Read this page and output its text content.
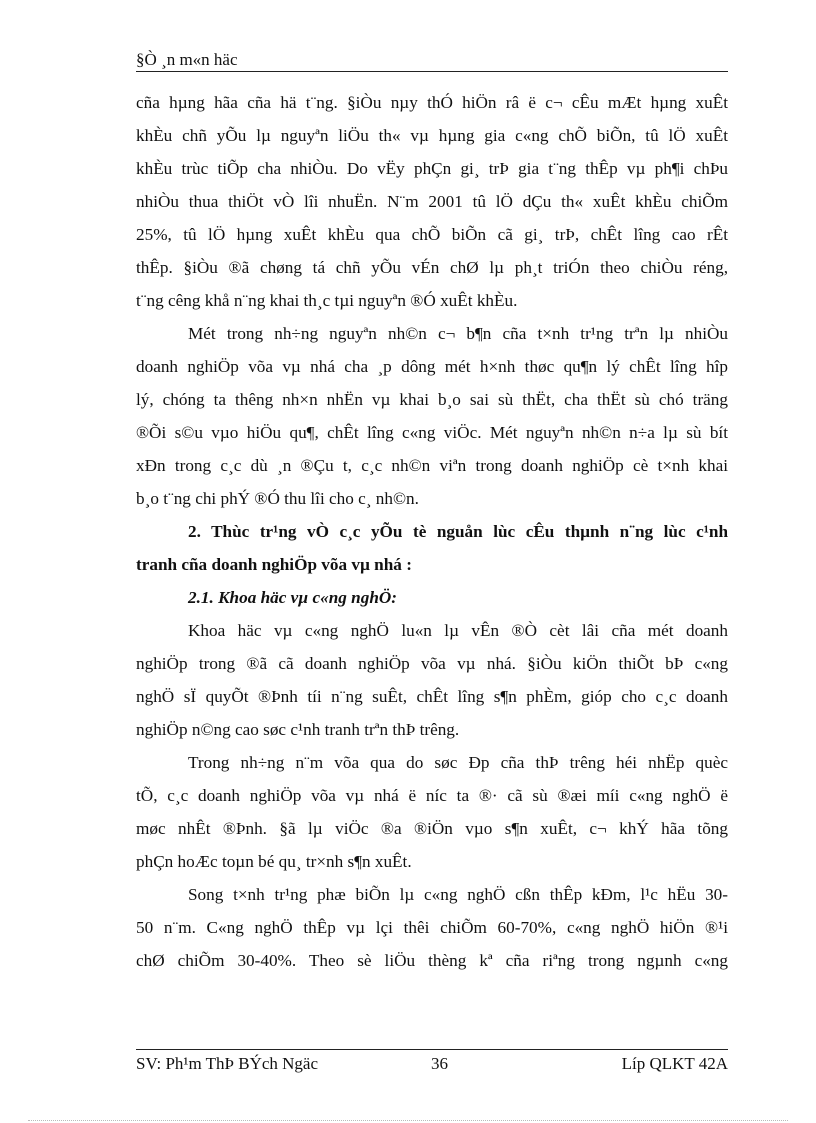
§Ò ¸n m«n häc
cña hµng hãa cña hä t¨ng. §iÒu nµy thÓ hiÖn râ ë c¬ cÊu mÆt hµng xuÊt
khÈu chñ yÕu lµ nguyªn liÖu th« vµ hµng gia c«ng chÕ biÕn, tû lÖ xuÊt
khÈu trùc tiÕp cha nhiÒu. Do vËy phÇn gi¸ trÞ gia t¨ng thÊp vµ ph¶i chÞu
nhiÒu thua thiÖt vÒ lîi nhuËn. N¨m 2001 tû lÖ dÇu th« xuÊt khÈu chiÕm
25%, tû lÖ hµng xuÊt khÈu qua chÕ biÕn cã gi¸ trÞ, chÊt lîng cao rÊt
thÊp. §iÒu ®ã chøng tá chñ yÕu vÉn chØ lµ ph¸t triÓn theo chiÒu réng,
t¨ng cêng khå n¨ng khai th¸c tµi nguyªn ®Ó xuÊt khÈu.
Mét trong nh÷ng nguyªn nh©n c¬ b¶n cña t×nh tr¹ng trªn lµ nhiÒu
doanh nghiÖp võa vµ nhá cha ¸p dông mét h×nh thøc qu¶n lý chÊt lîng hîp
lý, chóng ta thêng nh×n nhËn vµ khai b¸o sai sù thËt, cha thËt sù chó träng
®Õi s©u vµo hiÖu qu¶, chÊt lîng c«ng viÖc. Mét nguyªn nh©n n÷a lµ sù bít
xÐn trong c¸c dù ¸n ®Çu t, c¸c nh©n viªn trong doanh nghiÖp cè t×nh khai
b¸o t¨ng chi phÝ ®Ó thu lîi cho c¸ nh©n.
2. Thùc tr¹ng vÒ c¸c yÕu tè nguån lùc cÊu thµnh n¨ng lùc c¹nh
tranh cña doanh nghiÖp võa vµ nhá :
2.1. Khoa häc vµ c«ng nghÖ:
Khoa häc vµ c«ng nghÖ lu«n lµ vÊn ®Ò cèt lâi cña mét doanh
nghiÖp trong ®ã cã doanh nghiÖp võa vµ nhá. §iÒu kiÖn thiÕt bÞ c«ng
nghÖ sÏ quyÕt ®Þnh tíi n¨ng suÊt, chÊt lîng s¶n phÈm, gióp cho c¸c doanh
nghiÖp n©ng cao søc c¹nh tranh trªn thÞ trêng.
Trong nh÷ng n¨m võa qua do søc Ðp cña thÞ trêng héi nhËp quèc
tÕ, c¸c doanh nghiÖp võa vµ nhá ë níc ta ®· cã sù ®æi míi c«ng nghÖ ë
møc nhÊt ®Þnh. §ã lµ viÖc ®a ®iÖn vµo s¶n xuÊt, c¬ khÝ hãa tõng
phÇn hoÆc toµn bé qu¸ tr×nh s¶n xuÊt.
Song t×nh tr¹ng phæ biÕn lµ c«ng nghÖ cßn thÊp kÐm, l¹c hËu 30-
50 n¨m. C«ng nghÖ thÊp vµ lçi thêi chiÕm 60-70%, c«ng nghÖ hiÖn ®¹i
chØ chiÕm 30-40%. Theo sè liÖu thèng kª cña riªng trong ngµnh c«ng
SV: Ph¹m ThÞ BÝch Ngäc	36	Líp QLKT 42A
